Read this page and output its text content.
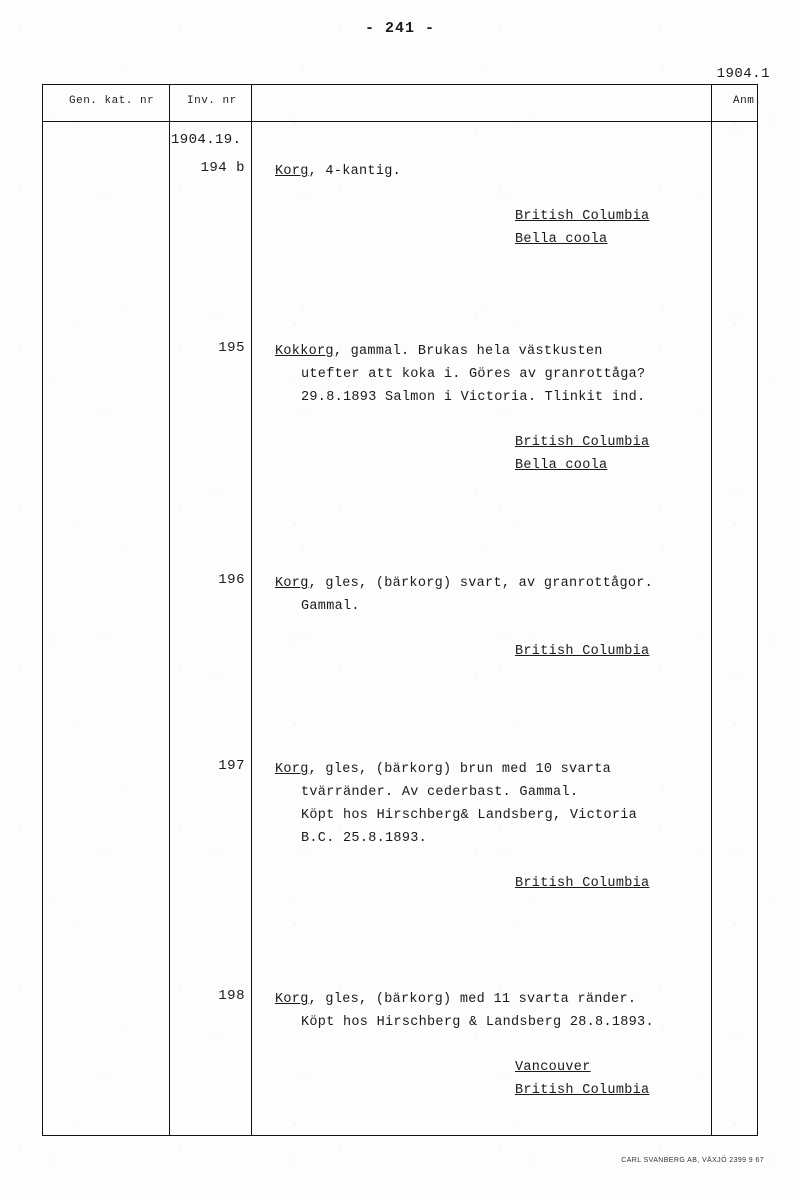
- 241 -
1904.1
Gen. kat. nr	Inv. nr	Anm.
1904.19.
194 b Korg, 4-kantig.
British Columbia
Bella coola
195 Kokkorg, gammal. Brukas hela västkusten
utefter att koka i. Göres av granrottåga?
29.8.1893 Salmon i Victoria. Tlinkit ind.
British Columbia
Bella coola
196 Korg, gles, (bärkorg) svart, av granrottågor.
Gammal.
British Columbia
197 Korg, gles, (bärkorg) brun med 10 svarta
tvärränder. Av cederbast. Gammal.
Köpt hos Hirschberg& Landsberg, Victoria
B.C. 25.8.1893.
British Columbia
198 Korg, gles, (bärkorg) med 11 svarta ränder.
Köpt hos Hirschberg & Landsberg 28.8.1893.
Vancouver
British Columbia
CARL SVANBERG AB, VÄXJÖ 2399 9 67
